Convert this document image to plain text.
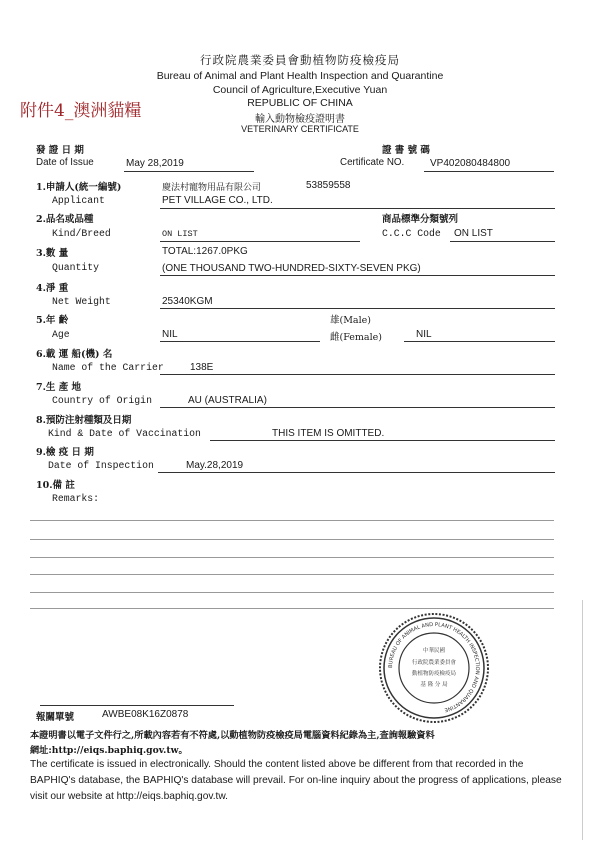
行政院農業委員會動植物防疫檢疫局
Bureau of Animal and Plant Health Inspection and Quarantine
Council of Agriculture,Executive Yuan
REPUBLIC OF CHINA
輸入動物檢疫證明書
VETERINARY CERTIFICATE
附件4_澳洲貓糧
發 證 日 期
Date of Issue	May 28,2019
證 書 號 碼
Certificate NO.	VP402080484800
1.申請人(統一編號)
Applicant
慶法村寵物用品有限公司	53859558
PET VILLAGE CO., LTD.
2.品名或品種
Kind/Breed	ON LIST
商品標準分類號列
C.C.C Code ON LIST
3.數 量
Quantity
TOTAL:1267.0PKG
(ONE THOUSAND TWO-HUNDRED-SIXTY-SEVEN PKG)
4.淨 重
Net Weight	25340KGM
5.年 齡
Age	NIL
雄(Male)
雌(Female)	NIL
6.載 運 船(機) 名
Name of the Carrier	138E
7.生 產 地
Country of Origin	AU (AUSTRALIA)
8.預防注射種類及日期
Kind & Date of Vaccination	THIS ITEM IS OMITTED.
9.檢 疫 日 期
Date of Inspection	May.28,2019
10.備 註
Remarks:
BUREAU OF ANIMAL AND PLANT HEALTH INSPECTION AND QUARANTINE
中華民國
行政院農業委員會
動植物防疫檢疫局
基 隆 分 局
報關單號	AWBE08K16Z0878
本證明書以電子文件行之,所載內容若有不符處,以動植物防疫檢疫局電腦資料紀錄為主,查詢報驗資料
網址:http://eiqs.baphiq.gov.tw。
The certificate is issued in electronically. Should the content listed above be different from that recorded in the BAPHIQ's database, the BAPHIQ's database will prevail. For on-line inquiry about the progress of applications, please visit our website at http://eiqs.baphiq.gov.tw.
